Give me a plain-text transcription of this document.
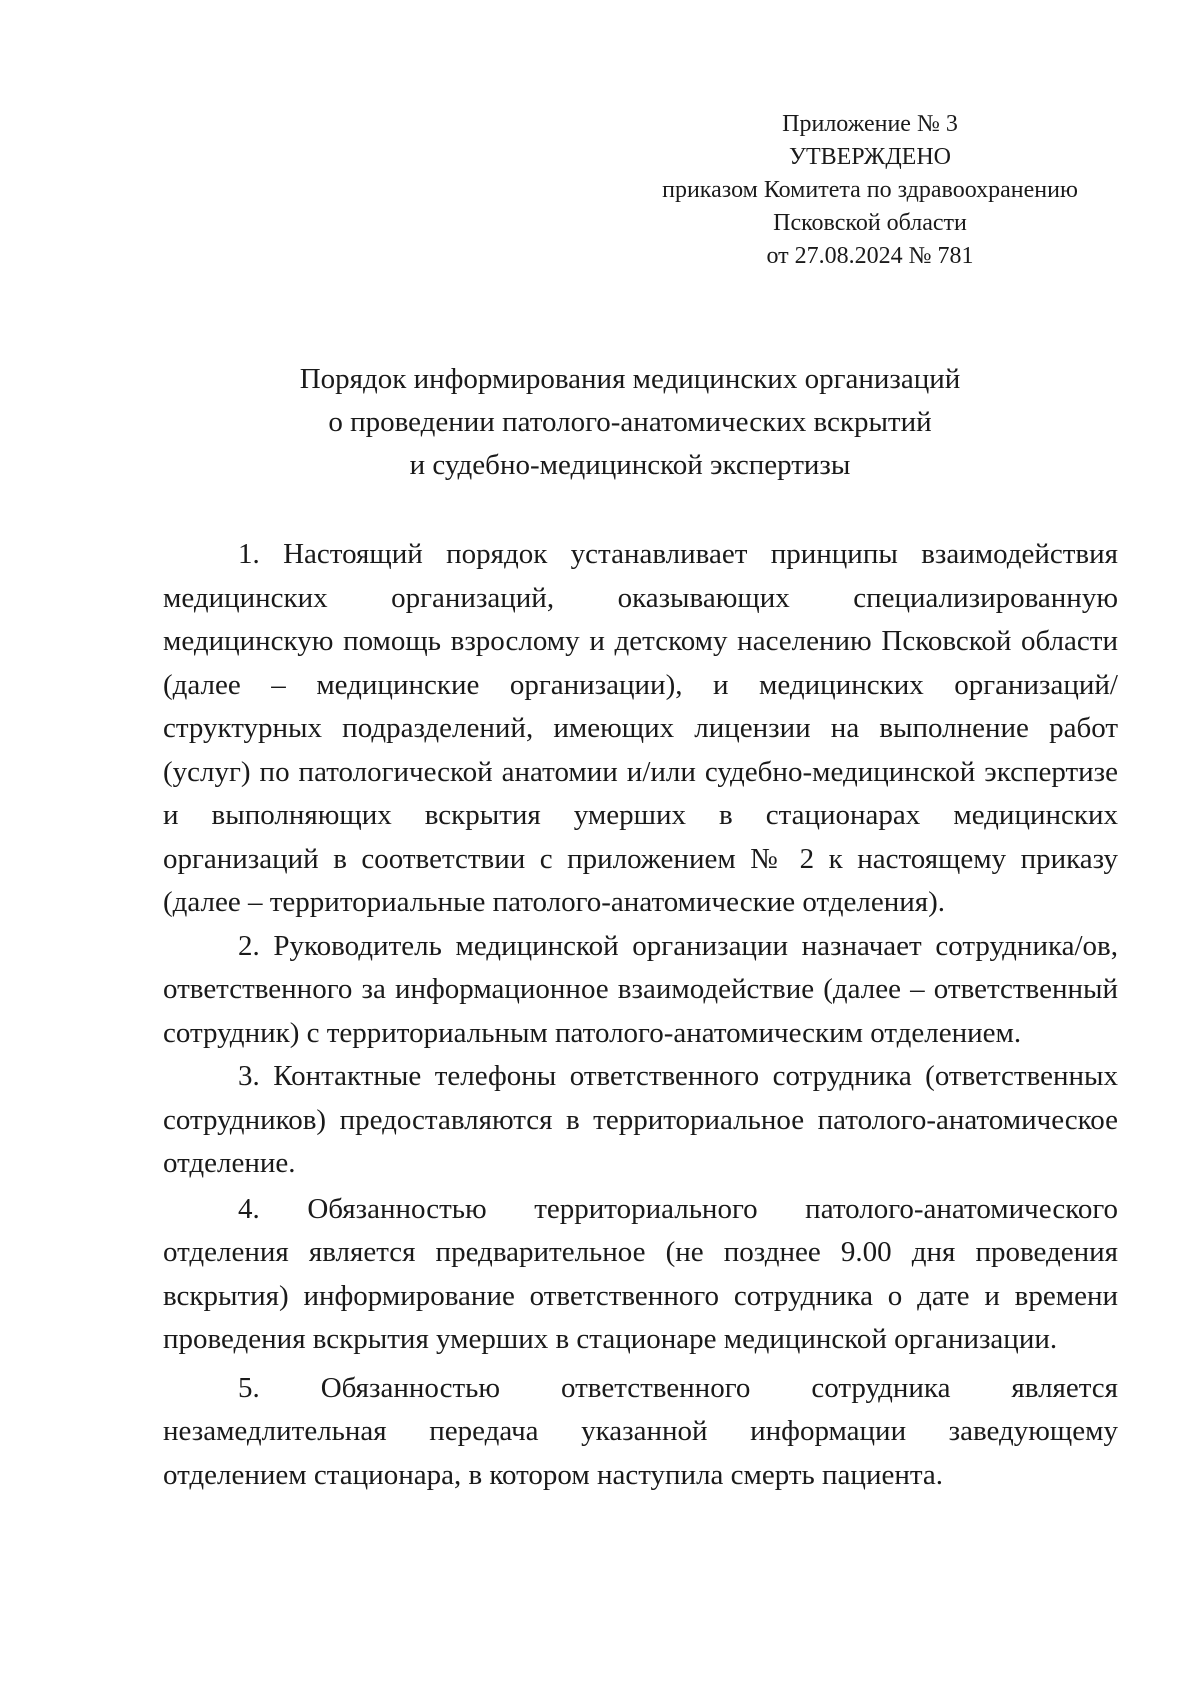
Приложение № 3
УТВЕРЖДЕНО
приказом Комитета по здравоохранению
Псковской области
от 27.08.2024 № 781
Порядок информирования медицинских организаций
о проведении патолого-анатомических вскрытий
и судебно-медицинской экспертизы

1. Настоящий порядок устанавливает принципы взаимодействия медицинских организаций, оказывающих специализированную медицинскую помощь взрослому и детскому населению Псковской области (далее – медицинские организации), и медицинских организаций/структурных подразделений, имеющих лицензии на выполнение работ (услуг) по патологической анатомии и/или судебно-медицинской экспертизе и выполняющих вскрытия умерших в стационарах медицинских организаций в соответствии с приложением № 2 к настоящему приказу (далее – территориальные патолого-анатомические отделения).

2. Руководитель медицинской организации назначает сотрудника/ов, ответственного за информационное взаимодействие (далее – ответственный сотрудник) с территориальным патолого-анатомическим отделением.

3. Контактные телефоны ответственного сотрудника (ответственных сотрудников) предоставляются в территориальное патолого-анатомическое отделение.

4. Обязанностью территориального патолого-анатомического отделения является предварительное (не позднее 9.00 дня проведения вскрытия) информирование ответственного сотрудника о дате и времени проведения вскрытия умерших в стационаре медицинской организации.

5. Обязанностью ответственного сотрудника является незамедлительная передача указанной информации заведующему отделением стационара, в котором наступила смерть пациента.
